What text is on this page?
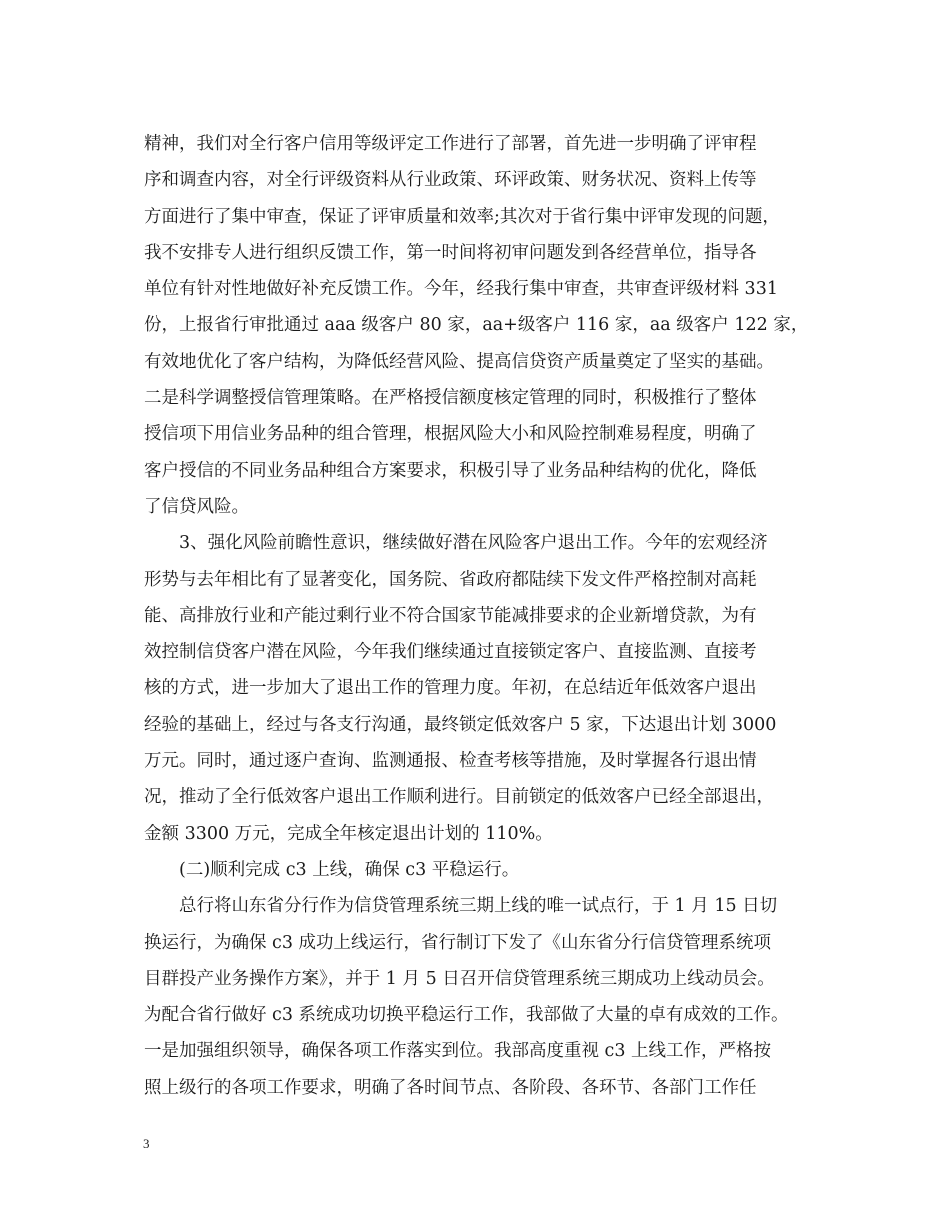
精神，我们对全行客户信用等级评定工作进行了部署，首先进一步明确了评审程
序和调查内容，对全行评级资料从行业政策、环评政策、财务状况、资料上传等
方面进行了集中审查，保证了评审质量和效率;其次对于省行集中评审发现的问题，
我不安排专人进行组织反馈工作，第一时间将初审问题发到各经营单位，指导各
单位有针对性地做好补充反馈工作。今年，经我行集中审查，共审查评级材料 331
份，上报省行审批通过 aaa 级客户 80 家，aa+级客户 116 家，aa 级客户 122 家，
有效地优化了客户结构，为降低经营风险、提高信贷资产质量奠定了坚实的基础。
二是科学调整授信管理策略。在严格授信额度核定管理的同时，积极推行了整体
授信项下用信业务品种的组合管理，根据风险大小和风险控制难易程度，明确了
客户授信的不同业务品种组合方案要求，积极引导了业务品种结构的优化，降低
了信贷风险。
　　3、强化风险前瞻性意识，继续做好潜在风险客户退出工作。今年的宏观经济
形势与去年相比有了显著变化，国务院、省政府都陆续下发文件严格控制对高耗
能、高排放行业和产能过剩行业不符合国家节能减排要求的企业新增贷款，为有
效控制信贷客户潜在风险，今年我们继续通过直接锁定客户、直接监测、直接考
核的方式，进一步加大了退出工作的管理力度。年初，在总结近年低效客户退出
经验的基础上，经过与各支行沟通，最终锁定低效客户 5 家，下达退出计划 3000
万元。同时，通过逐户查询、监测通报、检查考核等措施，及时掌握各行退出情
况，推动了全行低效客户退出工作顺利进行。目前锁定的低效客户已经全部退出，
金额 3300 万元，完成全年核定退出计划的 110%。
　　(二)顺利完成 c3 上线，确保 c3 平稳运行。
　　总行将山东省分行作为信贷管理系统三期上线的唯一试点行，于 1 月 15 日切
换运行，为确保 c3 成功上线运行，省行制订下发了《山东省分行信贷管理系统项
目群投产业务操作方案》，并于 1 月 5 日召开信贷管理系统三期成功上线动员会。
为配合省行做好 c3 系统成功切换平稳运行工作，我部做了大量的卓有成效的工作。
一是加强组织领导，确保各项工作落实到位。我部高度重视 c3 上线工作，严格按
照上级行的各项工作要求，明确了各时间节点、各阶段、各环节、各部门工作任
3
